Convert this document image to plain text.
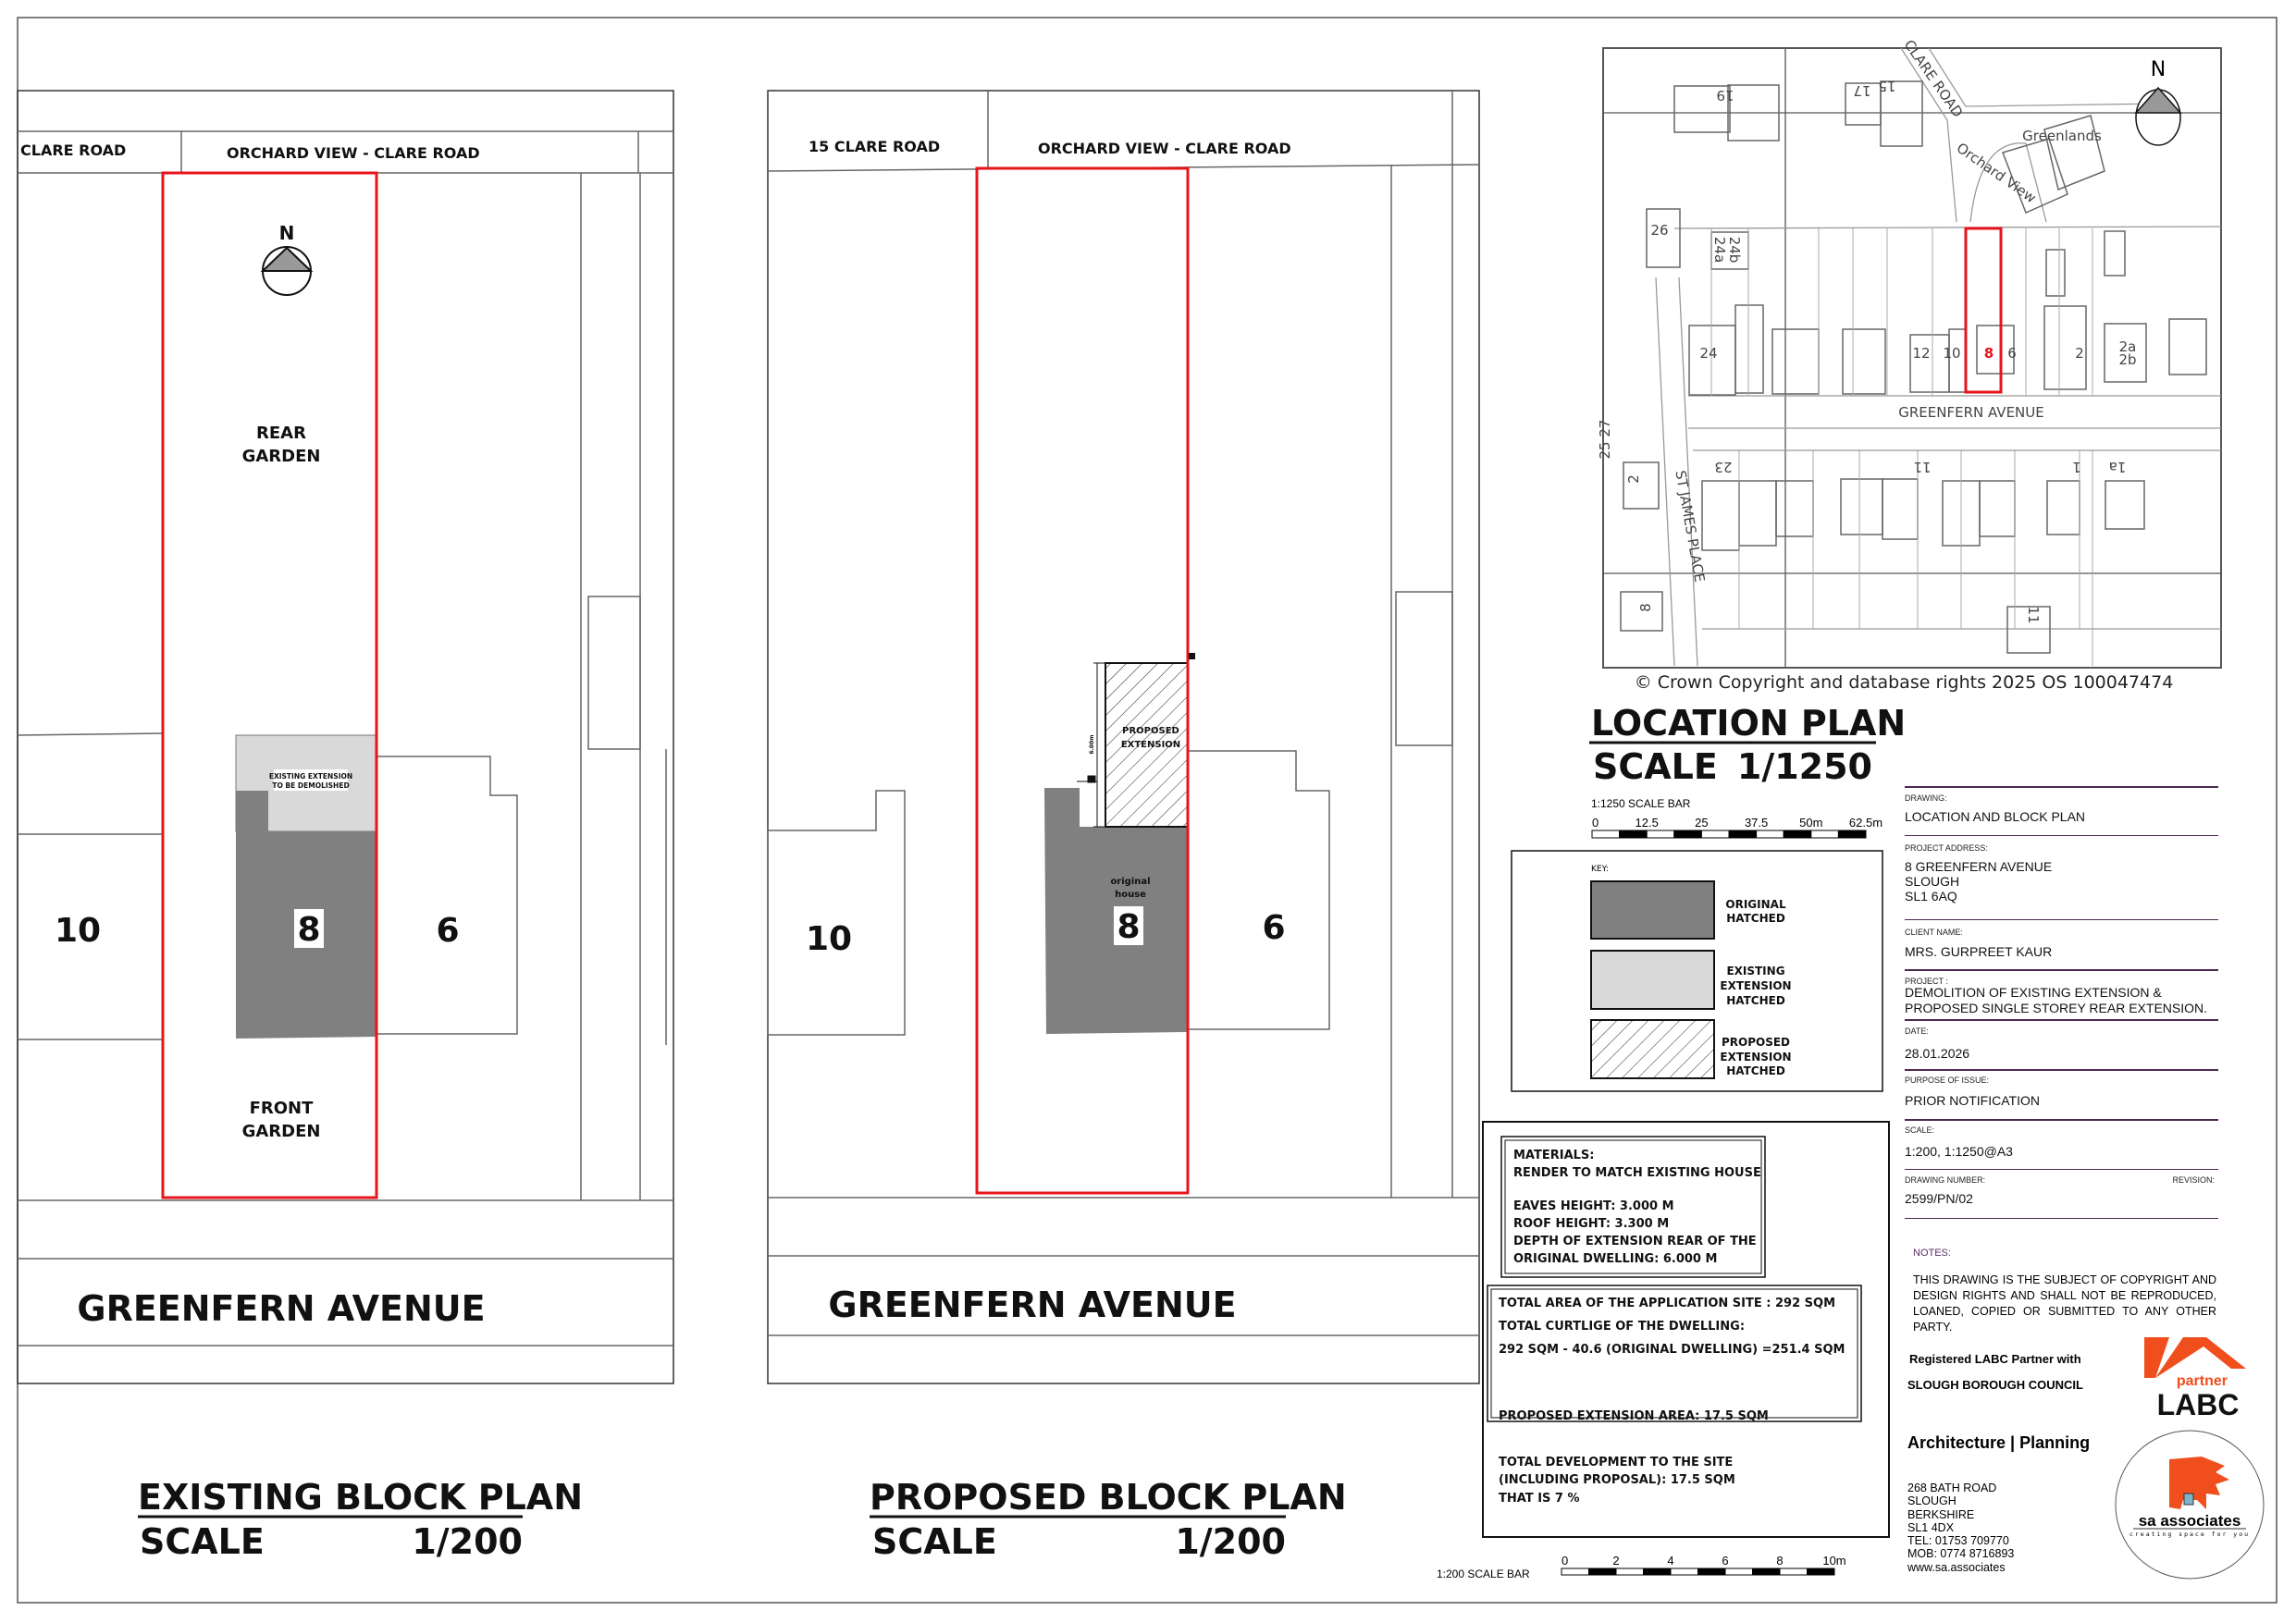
CLARE ROAD	ORCHARD VIEW - CLARE ROAD
N
REAR
GARDEN
EXISTING EXTENSION
TO BE DEMOLISHED
8
10	6
FRONT
GARDEN
GREENFERN AVENUE
EXISTING BLOCK PLAN
SCALE	1/200
15 CLARE ROAD	ORCHARD VIEW - CLARE ROAD
6.00m
PROPOSED
EXTENSION
original
house
8
10	6
GREENFERN AVENUE
PROPOSED BLOCK PLAN
SCALE	1/200
19	17 15 CLARE ROAD
Greenlands
Orchard View
26
24a
24b
24	12 10 8 6	2	2a
2b
GREENFERN AVENUE
25 27
2
23
ST JAMES PLACE
11	1 1a
8	11
N
© Crown Copyright and database rights 2025 OS 100047474
LOCATION PLAN
SCALE 1/1250
1:1250 SCALE BAR
0	12.5	25	37.5	50m 62.5m
KEY:
ORIGINAL
HATCHED
EXISTING
EXTENSION
HATCHED
PROPOSED
EXTENSION
HATCHED
MATERIALS:
RENDER TO MATCH EXISTING HOUSE
EAVES HEIGHT: 3.000 M
ROOF HEIGHT: 3.300 M
DEPTH OF EXTENSION REAR OF THE
ORIGINAL DWELLING: 6.000 M
TOTAL AREA OF THE APPLICATION SITE : 292 SQM
TOTAL CURTLIGE OF THE DWELLING:
292 SQM - 40.6 (ORIGINAL DWELLING) =251.4 SQM
PROPOSED EXTENSION AREA: 17.5 SQM
TOTAL DEVELOPMENT TO THE SITE
(INCLUDING PROPOSAL): 17.5 SQM
THAT IS 7 %
1:200 SCALE BAR
0	2	4	6	8	10m
partner
LABC
sa associates
creating space for you
DRAWING:
LOCATION AND BLOCK PLAN
PROJECT ADDRESS:
8 GREENFERN AVENUE
SLOUGH
SL1 6AQ
CLIENT NAME:
MRS. GURPREET KAUR
PROJECT :
DEMOLITION OF EXISTING EXTENSION &
PROPOSED SINGLE STOREY REAR EXTENSION.
DATE:
28.01.2026
PURPOSE OF ISSUE:
PRIOR NOTIFICATION
SCALE:
1:200, 1:1250@A3
DRAWING NUMBER:	REVISION:
2599/PN/02
NOTES:
THIS DRAWING IS THE SUBJECT OF COPYRIGHT AND DESIGN RIGHTS AND SHALL NOT BE REPRODUCED, LOANED, COPIED OR SUBMITTED TO ANY OTHER PARTY.
Registered LABC Partner with
SLOUGH BOROUGH COUNCIL
Architecture | Planning
268 BATH ROAD
SLOUGH
BERKSHIRE
SL1 4DX
TEL: 01753 709770
MOB: 0774 8716893
www.sa.associates
